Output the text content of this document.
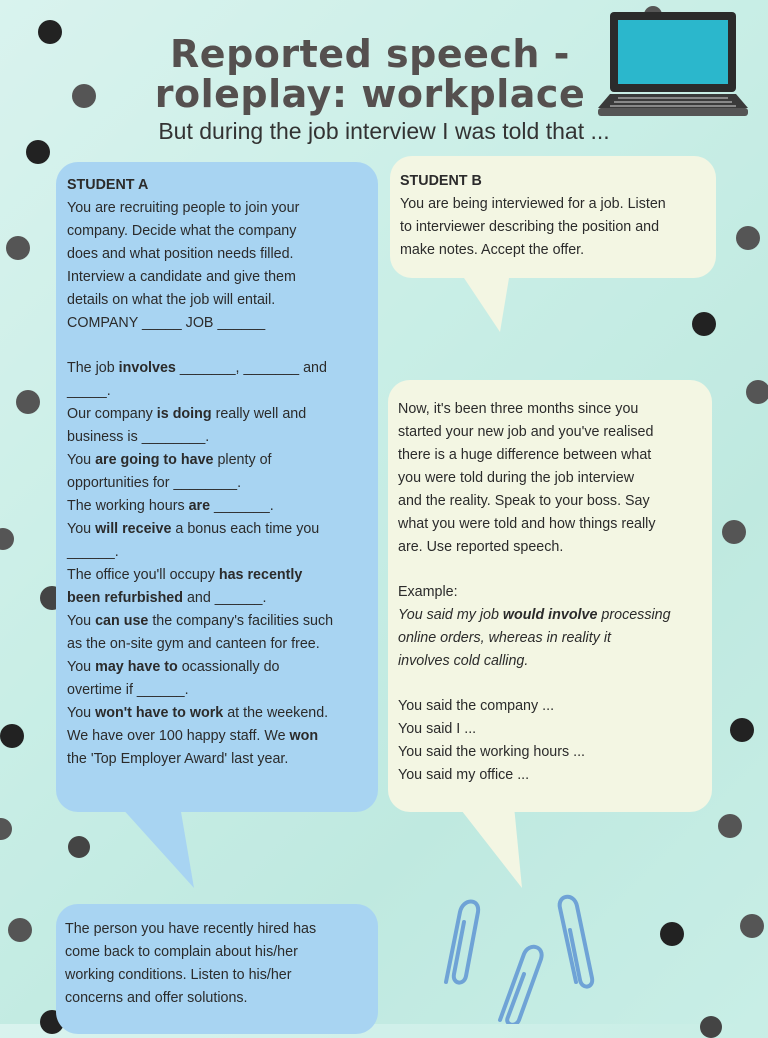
Reported speech -
roleplay: workplace
But during the job interview I was told that ...
STUDENT A
You are recruiting people to join your
company. Decide what the company
does and what position needs filled.
Interview a candidate and give them
details on what the job will entail.
COMPANY _____ JOB ______
The job involves _______, _______ and
_____.
Our company is doing really well and
business is ________.
You are going to have plenty of
opportunities for ________.
The working hours are _______.
You will receive a bonus each time you
______.
The office you'll occupy has recently
been refurbished and ______.
You can use the company's facilities such
as the on-site gym and canteen for free.
You may have to ocassionally do
overtime if ______.
You won't have to work at the weekend.
We have over 100 happy staff. We won
the 'Top Employer Award' last year.
STUDENT B
You are being interviewed for a job. Listen
to interviewer describing the position and
make notes. Accept the offer.
Now, it's been three months since you
started your new job and you've realised
there is a huge difference between what
you were told during the job interview
and the reality. Speak to your boss. Say
what you were told and how things really
are. Use reported speech.
Example:
You said my job would involve processing
online orders, whereas in reality it
involves cold calling.
You said the company ...
You said I ...
You said the working hours ...
You said my office ...
The person you have recently hired has
come back to complain about his/her
working conditions. Listen to his/her
concerns and offer solutions.
